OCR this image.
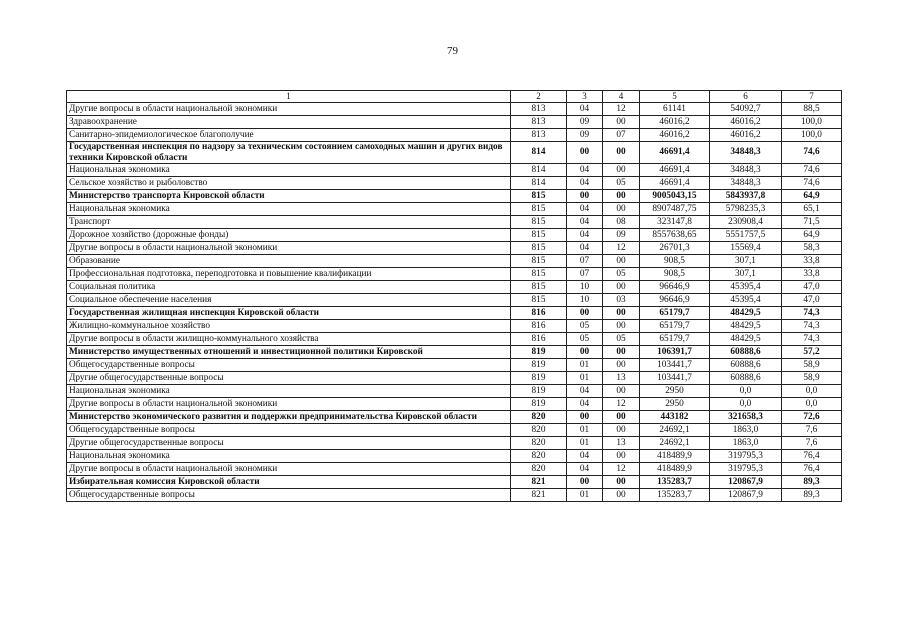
79
1	2	3	4	5	6	7
Другие вопросы в области национальной экономики	813	04	12	61141	54092,7	88,5
Здравоохранение	813	09	00	46016,2	46016,2	100,0
Санитарно-эпидемиологическое благополучие	813	09	07	46016,2	46016,2	100,0
Государственная инспекция по надзору за техническим состоянием самоходных машин и других видов техники Кировской области	814	00	00	46691,4	34848,3	74,6
Национальная экономика	814	04	00	46691,4	34848,3	74,6
Сельское хозяйство и рыболовство	814	04	05	46691,4	34848,3	74,6
Министерство транспорта Кировской области	815	00	00	9005043,15	5843937,8	64,9
Национальная экономика	815	04	00	8907487,75	5798235,3	65,1
Транспорт	815	04	08	323147,8	230908,4	71,5
Дорожное хозяйство (дорожные фонды)	815	04	09	8557638,65	5551757,5	64,9
Другие вопросы в области национальной экономики	815	04	12	26701,3	15569,4	58,3
Образование	815	07	00	908,5	307,1	33,8
Профессиональная подготовка, переподготовка и повышение квалификации	815	07	05	908,5	307,1	33,8
Социальная политика	815	10	00	96646,9	45395,4	47,0
Социальное обеспечение населения	815	10	03	96646,9	45395,4	47,0
Государственная жилищная инспекция Кировской области	816	00	00	65179,7	48429,5	74,3
Жилищно-коммунальное хозяйство	816	05	00	65179,7	48429,5	74,3
Другие вопросы в области жилищно-коммунального хозяйства	816	05	05	65179,7	48429,5	74,3
Министерство имущественных отношений и инвестиционной политики Кировской	819	00	00	106391,7	60888,6	57,2
Общегосударственные вопросы	819	01	00	103441,7	60888,6	58,9
Другие общегосударственные вопросы	819	01	13	103441,7	60888,6	58,9
Национальная экономика	819	04	00	2950	0,0	0,0
Другие вопросы в области национальной экономики	819	04	12	2950	0,0	0,0
Министерство экономического развития и поддержки предпринимательства Кировской области	820	00	00	443182	321658,3	72,6
Общегосударственные вопросы	820	01	00	24692,1	1863,0	7,6
Другие общегосударственные вопросы	820	01	13	24692,1	1863,0	7,6
Национальная экономика	820	04	00	418489,9	319795,3	76,4
Другие вопросы в области национальной экономики	820	04	12	418489,9	319795,3	76,4
Избирательная комиссия Кировской области	821	00	00	135283,7	120867,9	89,3
Общегосударственные вопросы	821	01	00	135283,7	120867,9	89,3
